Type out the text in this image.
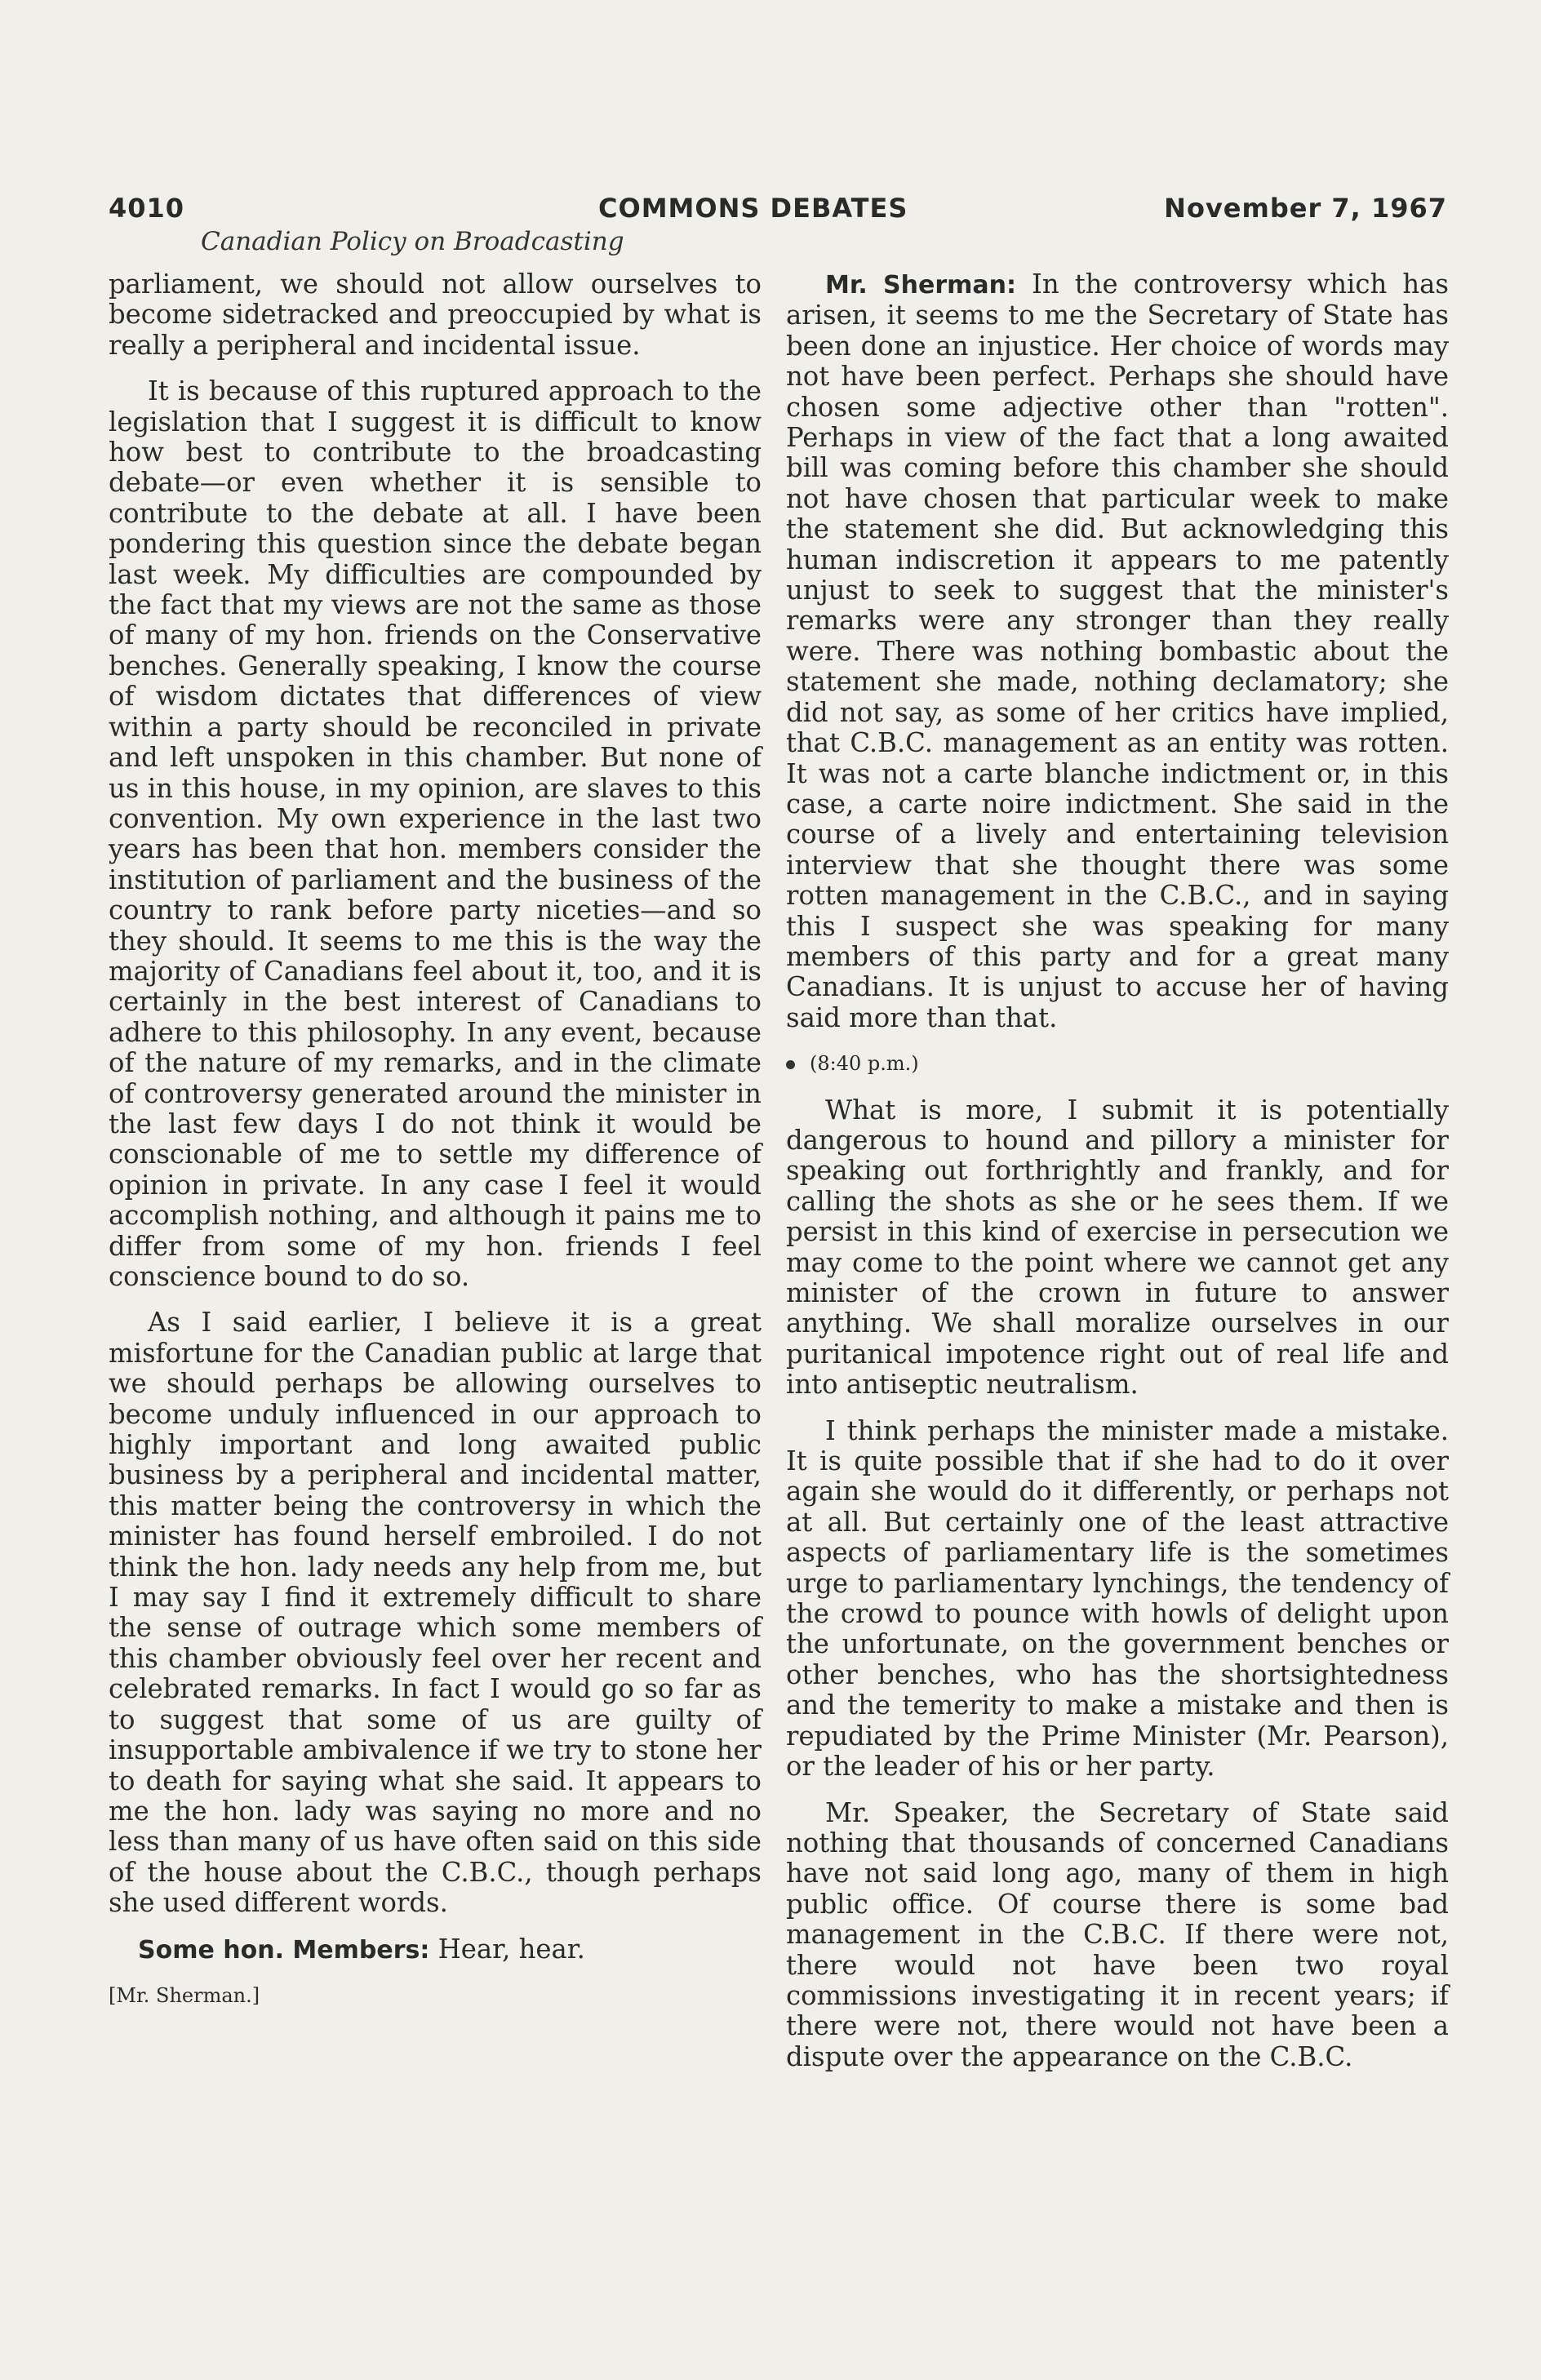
4010	COMMONS DEBATES	November 7, 1967
Canadian Policy on Broadcasting

parliament, we should not allow ourselves to become sidetracked and preoccupied by what is really a peripheral and incidental issue.

It is because of this ruptured approach to the legislation that I suggest it is difficult to know how best to contribute to the broadcasting debate—or even whether it is sensible to contribute to the debate at all. I have been pondering this question since the debate began last week. My difficulties are compounded by the fact that my views are not the same as those of many of my hon. friends on the Conservative benches. Generally speaking, I know the course of wisdom dictates that differences of view within a party should be reconciled in private and left unspoken in this chamber. But none of us in this house, in my opinion, are slaves to this convention. My own experience in the last two years has been that hon. members consider the institution of parliament and the business of the country to rank before party niceties—and so they should. It seems to me this is the way the majority of Canadians feel about it, too, and it is certainly in the best interest of Canadians to adhere to this philosophy. In any event, because of the nature of my remarks, and in the climate of controversy generated around the minister in the last few days I do not think it would be conscionable of me to settle my difference of opinion in private. In any case I feel it would accomplish nothing, and although it pains me to differ from some of my hon. friends I feel conscience bound to do so.

As I said earlier, I believe it is a great misfortune for the Canadian public at large that we should perhaps be allowing ourselves to become unduly influenced in our approach to highly important and long awaited public business by a peripheral and incidental matter, this matter being the controversy in which the minister has found herself embroiled. I do not think the hon. lady needs any help from me, but I may say I find it extremely difficult to share the sense of outrage which some members of this chamber obviously feel over her recent and celebrated remarks. In fact I would go so far as to suggest that some of us are guilty of insupportable ambivalence if we try to stone her to death for saying what she said. It appears to me the hon. lady was saying no more and no less than many of us have often said on this side of the house about the C.B.C., though perhaps she used different words.

Some hon. Members: Hear, hear.

[Mr. Sherman.]

Mr. Sherman: In the controversy which has arisen, it seems to me the Secretary of State has been done an injustice. Her choice of words may not have been perfect. Perhaps she should have chosen some adjective other than "rotten". Perhaps in view of the fact that a long awaited bill was coming before this chamber she should not have chosen that particular week to make the statement she did. But acknowledging this human indiscretion it appears to me patently unjust to seek to suggest that the minister's remarks were any stronger than they really were. There was nothing bombastic about the statement she made, nothing declamatory; she did not say, as some of her critics have implied, that C.B.C. management as an entity was rotten. It was not a carte blanche indictment or, in this case, a carte noire indictment. She said in the course of a lively and entertaining television interview that she thought there was some rotten management in the C.B.C., and in saying this I suspect she was speaking for many members of this party and for a great many Canadians. It is unjust to accuse her of having said more than that.

(8:40 p.m.)

What is more, I submit it is potentially dangerous to hound and pillory a minister for speaking out forthrightly and frankly, and for calling the shots as she or he sees them. If we persist in this kind of exercise in persecution we may come to the point where we cannot get any minister of the crown in future to answer anything. We shall moralize ourselves in our puritanical impotence right out of real life and into antiseptic neutralism.

I think perhaps the minister made a mistake. It is quite possible that if she had to do it over again she would do it differently, or perhaps not at all. But certainly one of the least attractive aspects of parliamentary life is the sometimes urge to parliamentary lynchings, the tendency of the crowd to pounce with howls of delight upon the unfortunate, on the government benches or other benches, who has the shortsightedness and the temerity to make a mistake and then is repudiated by the Prime Minister (Mr. Pearson), or the leader of his or her party.

Mr. Speaker, the Secretary of State said nothing that thousands of concerned Canadians have not said long ago, many of them in high public office. Of course there is some bad management in the C.B.C. If there were not, there would not have been two royal commissions investigating it in recent years; if there were not, there would not have been a dispute over the appearance on the C.B.C.
